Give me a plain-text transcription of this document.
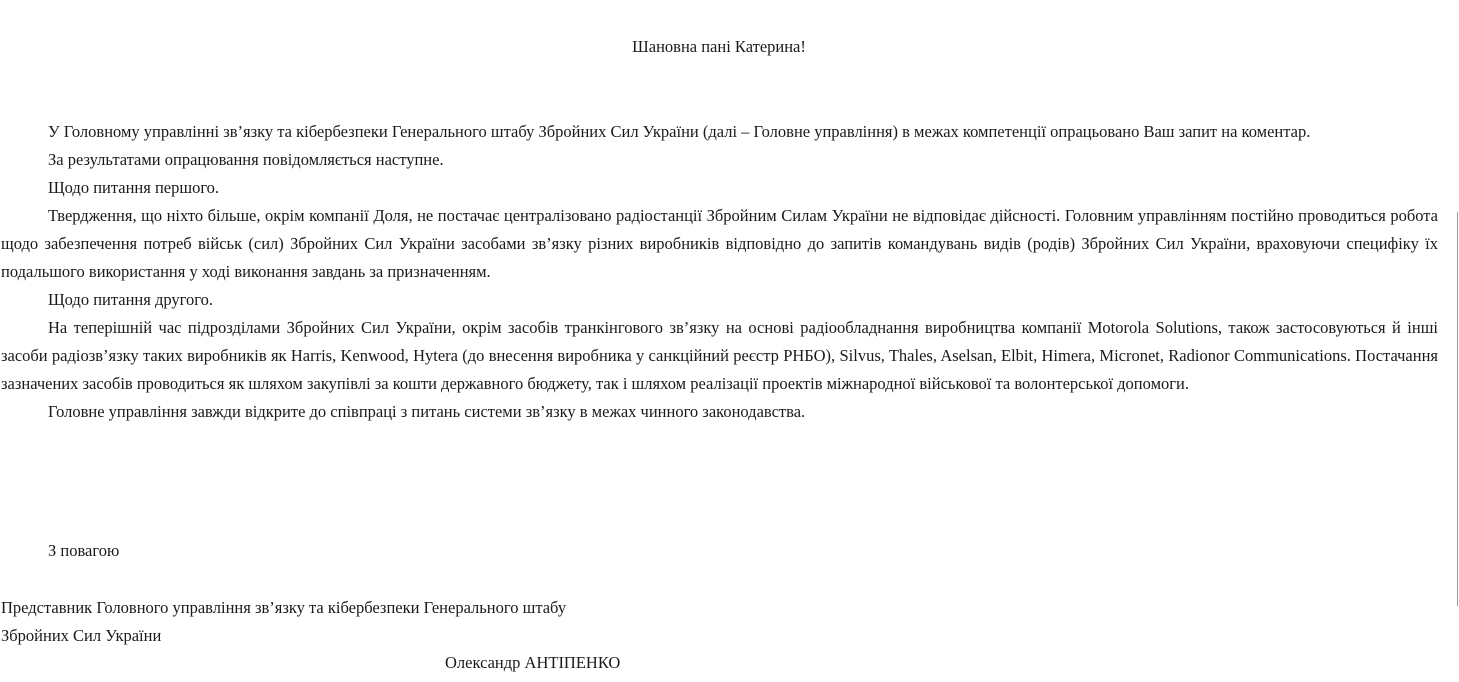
Шановна пані Катерина!

У Головному управлінні зв’язку та кібербезпеки Генерального штабу Збройних Сил України (далі – Головне управління) в межах компетенції опрацьовано Ваш запит на коментар.

За результатами опрацювання повідомляється наступне.

Щодо питання першого.

Твердження, що ніхто більше, окрім компанії Доля, не постачає централізовано радіостанції Збройним Силам України не відповідає дійсності. Головним управлінням постійно проводиться робота щодо забезпечення потреб військ (сил) Збройних Сил України засобами зв’язку різних виробників відповідно до запитів командувань видів (родів) Збройних Сил України, враховуючи специфіку їх подальшого використання у ході виконання завдань за призначенням.

Щодо питання другого.

На теперішній час підрозділами Збройних Сил України, окрім засобів транкінгового зв’язку на основі радіообладнання виробництва компанії Motorola Solutions, також застосовуються й інші засоби радіозв’язку таких виробників як Harris, Kenwood, Hytera (до внесення виробника у санкційний реєстр РНБО), Silvus, Thales, Aselsan, Elbit, Himera, Micronet, Radionor Communications. Постачання зазначених засобів проводиться як шляхом закупівлі за кошти державного бюджету, так і шляхом реалізації проектів міжнародної військової та волонтерської допомоги.

Головне управління завжди відкрите до співпраці з питань системи зв’язку в межах чинного законодавства.

З повагою
Представник Головного управління зв’язку та кібербезпеки Генерального штабу
Збройних Сил України
Олександр АНТІПЕНКО
